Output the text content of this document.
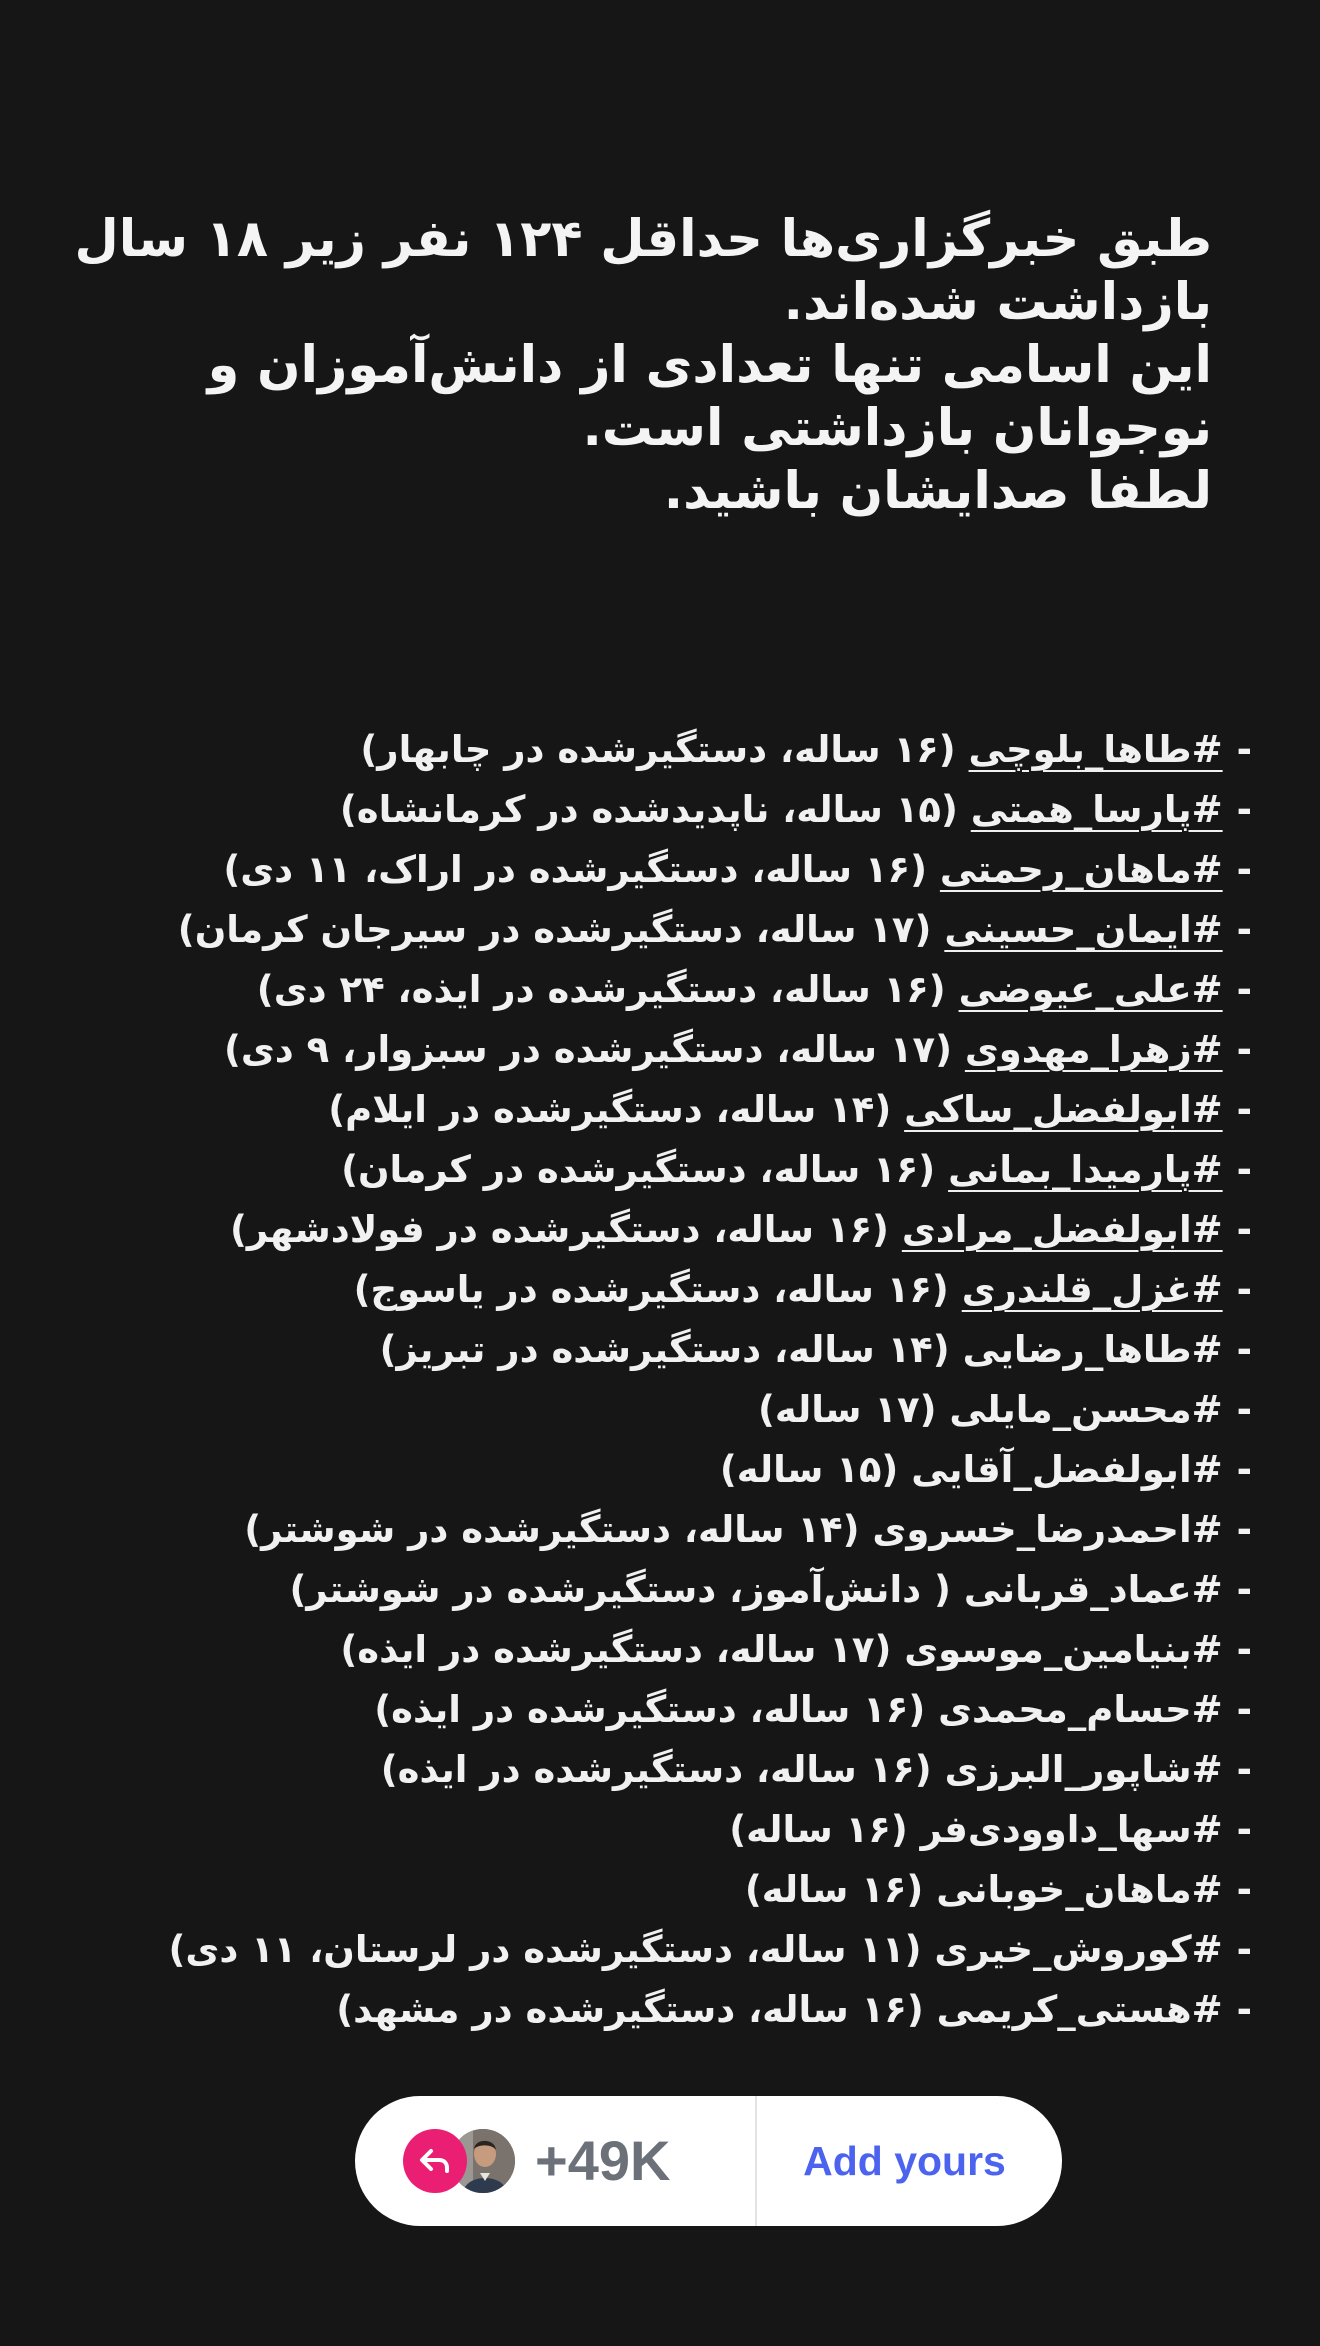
طبق خبرگزاری‌ها حداقل ۱۲۴ نفر زیر ۱۸ سال
بازداشت شده‌اند.
این اسامی تنها تعدادی از دانش‌آموزان و
نوجوانان بازداشتی است.
لطفا صدایشان باشید.
-#طاها_بلوچی (۱۶ ساله، دستگیرشده در چابهار)
-#پارسا_همتی (۱۵ ساله، ناپدیدشده در کرمانشاه)
-#ماهان_رحمتی (۱۶ ساله، دستگیرشده در اراک، ۱۱ دی)
-#ایمان_حسینی (۱۷ ساله، دستگیرشده در سیرجان کرمان)
-#علی_عیوضی (۱۶ ساله، دستگیرشده در ایذه، ۲۴ دی)
-#زهرا_مهدوی (۱۷ ساله، دستگیرشده در سبزوار، ۹ دی)
-#ابولفضل_ساکی (۱۴ ساله، دستگیرشده در ایلام)
-#پارمیدا_بمانی (۱۶ ساله، دستگیرشده در کرمان)
-#ابولفضل_مرادی (۱۶ ساله، دستگیرشده در فولادشهر)
-#غزل_قلندری (۱۶ ساله، دستگیرشده در یاسوج)
-#طاها_رضایی (۱۴ ساله، دستگیرشده در تبریز)
-#محسن_مایلی (۱۷ ساله)
-#ابولفضل_آقایی (۱۵ ساله)
-#احمدرضا_خسروی (۱۴ ساله، دستگیرشده در شوشتر)
-#عماد_قربانی ( دانش‌آموز، دستگیرشده در شوشتر)
-#بنیامین_موسوی (۱۷ ساله، دستگیرشده در ایذه)
-#حسام_محمدی (۱۶ ساله، دستگیرشده در ایذه)
-#شاپور_البرزی (۱۶ ساله، دستگیرشده در ایذه)
-#سها_داوودی‌فر (۱۶ ساله)
-#ماهان_خوبانی (۱۶ ساله)
-#کوروش_خیری (۱۱ ساله، دستگیرشده در لرستان، ۱۱ دی)
-#هستی_کریمی (۱۶ ساله، دستگیرشده در مشهد)
+49K	Add yours
